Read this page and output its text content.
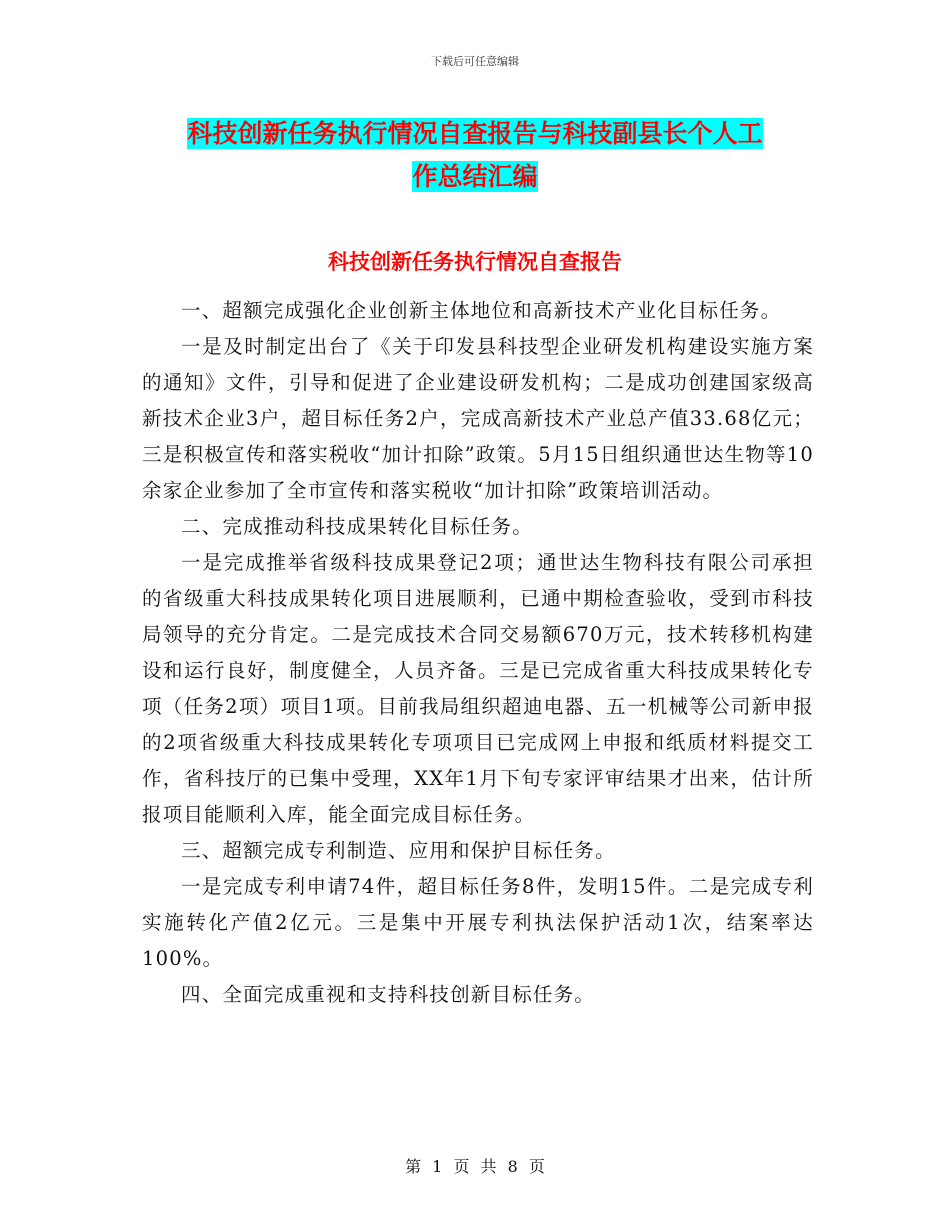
下载后可任意编辑
科技创新任务执行情况自查报告与科技副县长个人工
作总结汇编
科技创新任务执行情况自查报告

一、超额完成强化企业创新主体地位和高新技术产业化目标任务。

一是及时制定出台了《关于印发县科技型企业研发机构建设实施方案的通知》文件，引导和促进了企业建设研发机构；二是成功创建国家级高新技术企业3户，超目标任务2户，完成高新技术产业总产值33.68亿元；三是积极宣传和落实税收“加计扣除”政策。5月15日组织通世达生物等10余家企业参加了全市宣传和落实税收“加计扣除”政策培训活动。

二、完成推动科技成果转化目标任务。

一是完成推举省级科技成果登记2项；通世达生物科技有限公司承担的省级重大科技成果转化项目进展顺利，已通中期检查验收，受到市科技局领导的充分肯定。二是完成技术合同交易额670万元，技术转移机构建设和运行良好，制度健全，人员齐备。三是已完成省重大科技成果转化专项（任务2项）项目1项。目前我局组织超迪电器、五一机械等公司新申报的2项省级重大科技成果转化专项项目已完成网上申报和纸质材料提交工作，省科技厅的已集中受理，XX年1月下旬专家评审结果才出来，估计所报项目能顺利入库，能全面完成目标任务。

三、超额完成专利制造、应用和保护目标任务。

一是完成专利申请74件，超目标任务8件，发明15件。二是完成专利实施转化产值2亿元。三是集中开展专利执法保护活动1次，结案率达100%。

四、全面完成重视和支持科技创新目标任务。

第 1 页 共 8 页
